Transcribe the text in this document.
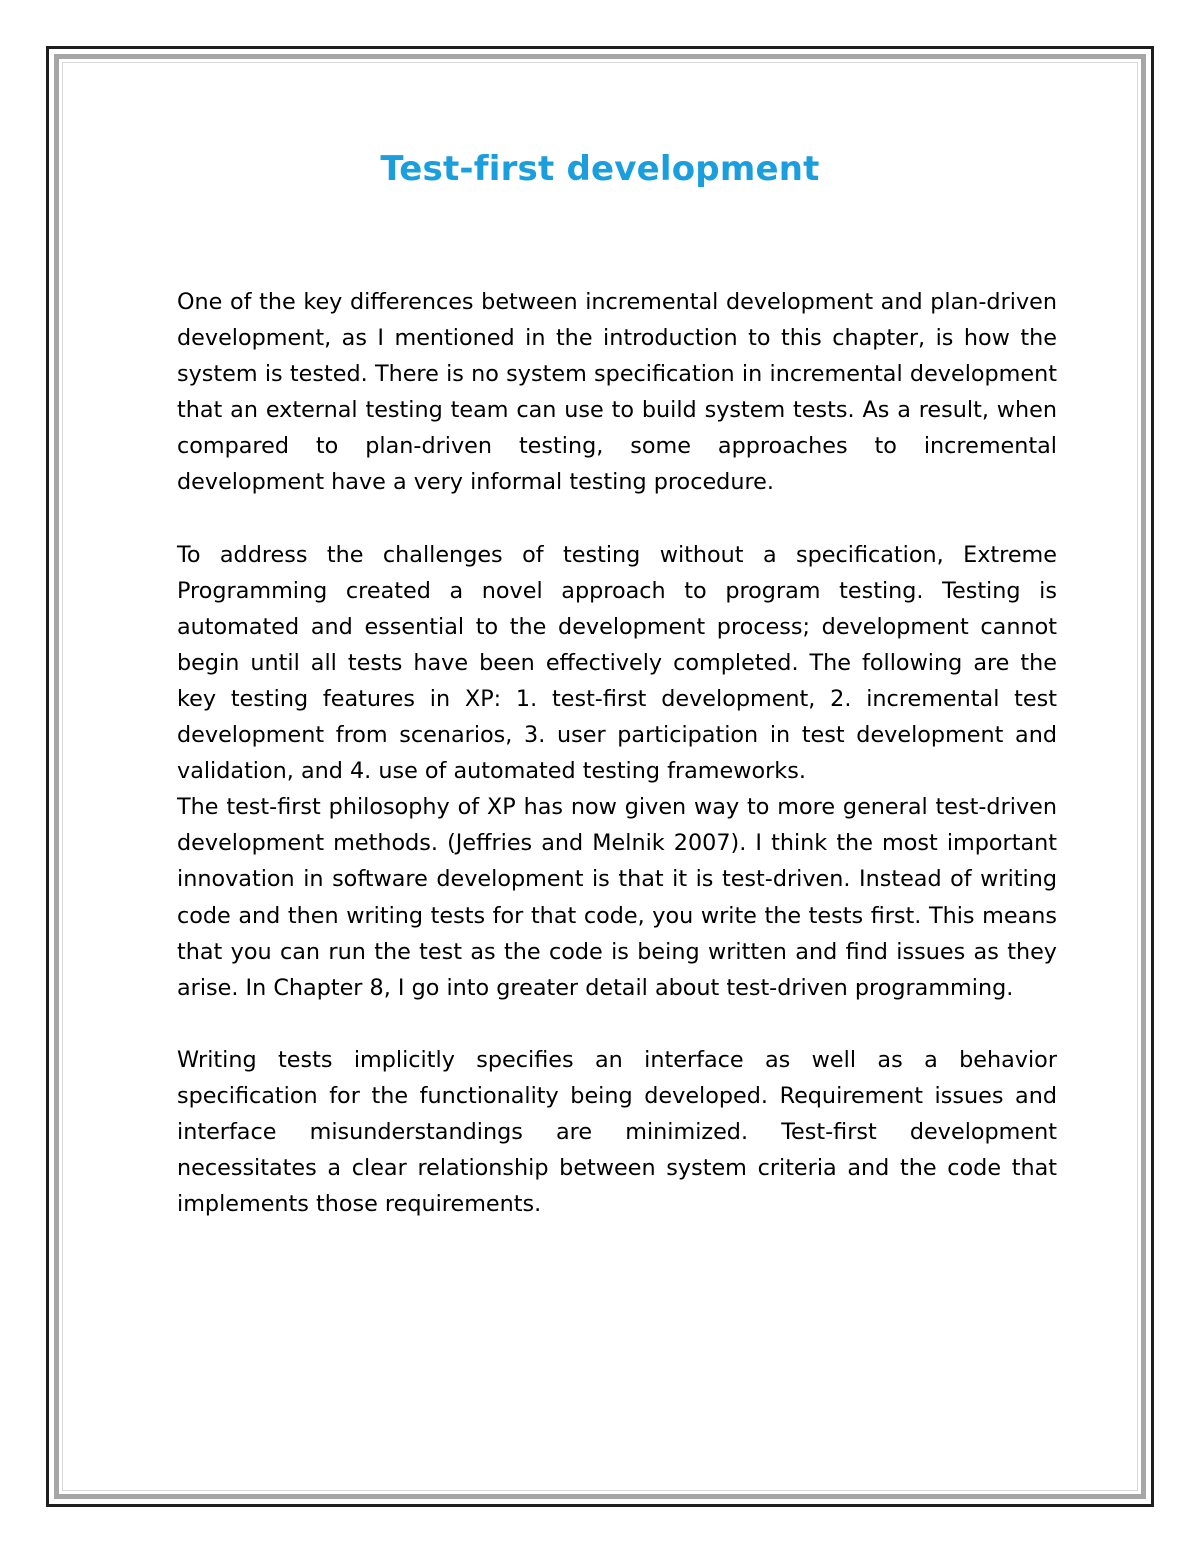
Test-first development

One of the key differences between incremental development and plan-driven development, as I mentioned in the introduction to this chapter, is how the system is tested. There is no system specification in incremental development that an external testing team can use to build system tests. As a result, when compared to plan-driven testing, some approaches to incremental development have a very informal testing procedure.

To address the challenges of testing without a specification, Extreme Programming created a novel approach to program testing. Testing is automated and essential to the development process; development cannot begin until all tests have been effectively completed. The following are the key testing features in XP: 1. test-first development, 2. incremental test development from scenarios, 3. user participation in test development and validation, and 4. use of automated testing frameworks.

The test-first philosophy of XP has now given way to more general test-driven development methods. (Jeffries and Melnik 2007). I think the most important innovation in software development is that it is test-driven. Instead of writing code and then writing tests for that code, you write the tests first. This means that you can run the test as the code is being written and find issues as they arise. In Chapter 8, I go into greater detail about test-driven programming.

Writing tests implicitly specifies an interface as well as a behavior specification for the functionality being developed. Requirement issues and interface misunderstandings are minimized. Test-first development necessitates a clear relationship between system criteria and the code that implements those requirements.
